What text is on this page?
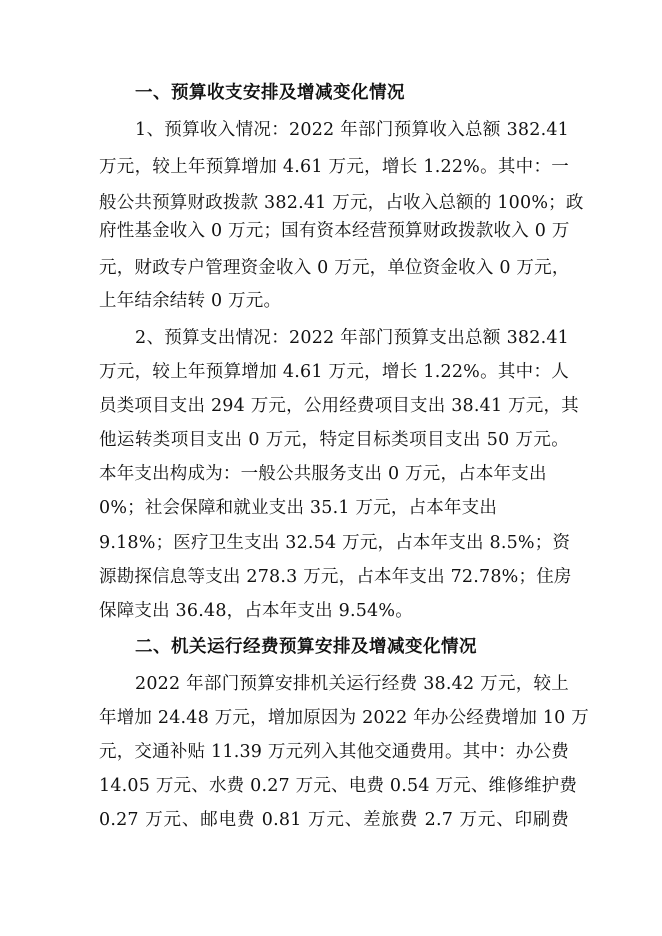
一、预算收支安排及增减变化情况
1、预算收入情况：2022 年部门预算收入总额 382.41
万元，较上年预算增加 4.61 万元，增长 1.22%。其中：一
般公共预算财政拨款 382.41 万元，占收入总额的 100%；政
府性基金收入 0 万元；国有资本经营预算财政拨款收入 0 万
元，财政专户管理资金收入 0 万元，单位资金收入 0 万元，
上年结余结转 0 万元。
2、预算支出情况：2022 年部门预算支出总额 382.41
万元，较上年预算增加 4.61 万元，增长 1.22%。其中：人
员类项目支出 294 万元，公用经费项目支出 38.41 万元，其
他运转类项目支出 0 万元，特定目标类项目支出 50 万元。
本年支出构成为：一般公共服务支出 0 万元，占本年支出
0%；社会保障和就业支出 35.1 万元，占本年支出
9.18%；医疗卫生支出 32.54 万元，占本年支出 8.5%；资
源勘探信息等支出 278.3 万元，占本年支出 72.78%；住房
保障支出 36.48，占本年支出 9.54%。
二、机关运行经费预算安排及增减变化情况
2022 年部门预算安排机关运行经费 38.42 万元，较上
年增加 24.48 万元，增加原因为 2022 年办公经费增加 10 万
元，交通补贴 11.39 万元列入其他交通费用。其中：办公费
14.05 万元、水费 0.27 万元、电费 0.54 万元、维修维护费
0.27 万元、邮电费 0.81 万元、差旅费 2.7 万元、印刷费
